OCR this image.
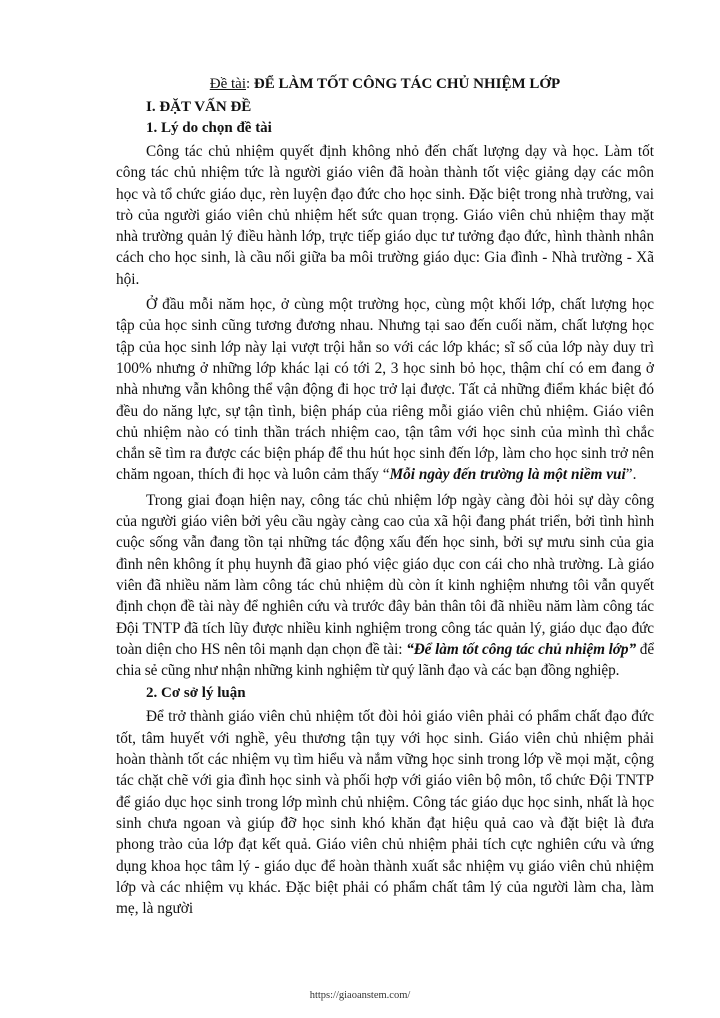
Đề tài: ĐỂ LÀM TỐT CÔNG TÁC CHỦ NHIỆM LỚP
I. ĐẶT VẤN ĐỀ
1. Lý do chọn đề tài

Công tác chủ nhiệm quyết định không nhỏ đến chất lượng dạy và học. Làm tốt công tác chủ nhiệm tức là người giáo viên đã hoàn thành tốt việc giảng dạy các môn học và tổ chức giáo dục, rèn luyện đạo đức cho học sinh. Đặc biệt trong nhà trường, vai trò của người giáo viên chủ nhiệm hết sức quan trọng. Giáo viên chủ nhiệm thay mặt nhà trường quản lý điều hành lớp, trực tiếp giáo dục tư tưởng đạo đức, hình thành nhân cách cho học sinh, là cầu nối giữa ba môi trường giáo dục: Gia đình - Nhà trường - Xã hội.

Ở đầu mỗi năm học, ở cùng một trường học, cùng một khối lớp, chất lượng học tập của học sinh cũng tương đương nhau. Nhưng tại sao đến cuối năm, chất lượng học tập của học sinh lớp này lại vượt trội hẳn so với các lớp khác; sĩ số của lớp này duy trì 100% nhưng ở những lớp khác lại có tới 2, 3 học sinh bỏ học, thậm chí có em đang ở nhà nhưng vẫn không thể vận động đi học trở lại được. Tất cả những điểm khác biệt đó đều do năng lực, sự tận tình, biện pháp của riêng mỗi giáo viên chủ nhiệm. Giáo viên chủ nhiệm nào có tinh thần trách nhiệm cao, tận tâm với học sinh của mình thì chắc chắn sẽ tìm ra được các biện pháp để thu hút học sinh đến lớp, làm cho học sinh trở nên chăm ngoan, thích đi học và luôn cảm thấy “Mỗi ngày đến trường là một niềm vui”.

Trong giai đoạn hiện nay, công tác chủ nhiệm lớp ngày càng đòi hỏi sự dày công của người giáo viên bởi yêu cầu ngày càng cao của xã hội đang phát triển, bởi tình hình cuộc sống vẫn đang tồn tại những tác động xấu đến học sinh, bởi sự mưu sinh của gia đình nên không ít phụ huynh đã giao phó việc giáo dục con cái cho nhà trường. Là giáo viên đã nhiều năm làm công tác chủ nhiệm dù còn ít kinh nghiệm nhưng tôi vẫn quyết định chọn đề tài này để nghiên cứu và trước đây bản thân tôi đã nhiều năm làm công tác Đội TNTP đã tích lũy được nhiều kinh nghiệm trong công tác quản lý, giáo dục đạo đức toàn diện cho HS nên tôi mạnh dạn chọn đề tài: “Để làm tốt công tác chủ nhiệm lớp” để chia sẻ cũng như nhận những kinh nghiệm từ quý lãnh đạo và các bạn đồng nghiệp.

2. Cơ sở lý luận

Để trở thành giáo viên chủ nhiệm tốt đòi hỏi giáo viên phải có phẩm chất đạo đức tốt, tâm huyết với nghề, yêu thương tận tụy với học sinh. Giáo viên chủ nhiệm phải hoàn thành tốt các nhiệm vụ tìm hiểu và nắm vững học sinh trong lớp về mọi mặt, cộng tác chặt chẽ với gia đình học sinh và phối hợp với giáo viên bộ môn, tổ chức Đội TNTP để giáo dục học sinh trong lớp mình chủ nhiệm. Công tác giáo dục học sinh, nhất là học sinh chưa ngoan và giúp đỡ học sinh khó khăn đạt hiệu quả cao và đặt biệt là đưa phong trào của lớp đạt kết quả. Giáo viên chủ nhiệm phải tích cực nghiên cứu và ứng dụng khoa học tâm lý - giáo dục để hoàn thành xuất sắc nhiệm vụ giáo viên chủ nhiệm lớp và các nhiệm vụ khác. Đặc biệt phải có phẩm chất tâm lý của người làm cha, làm mẹ, là người

https://giaoanstem.com/
